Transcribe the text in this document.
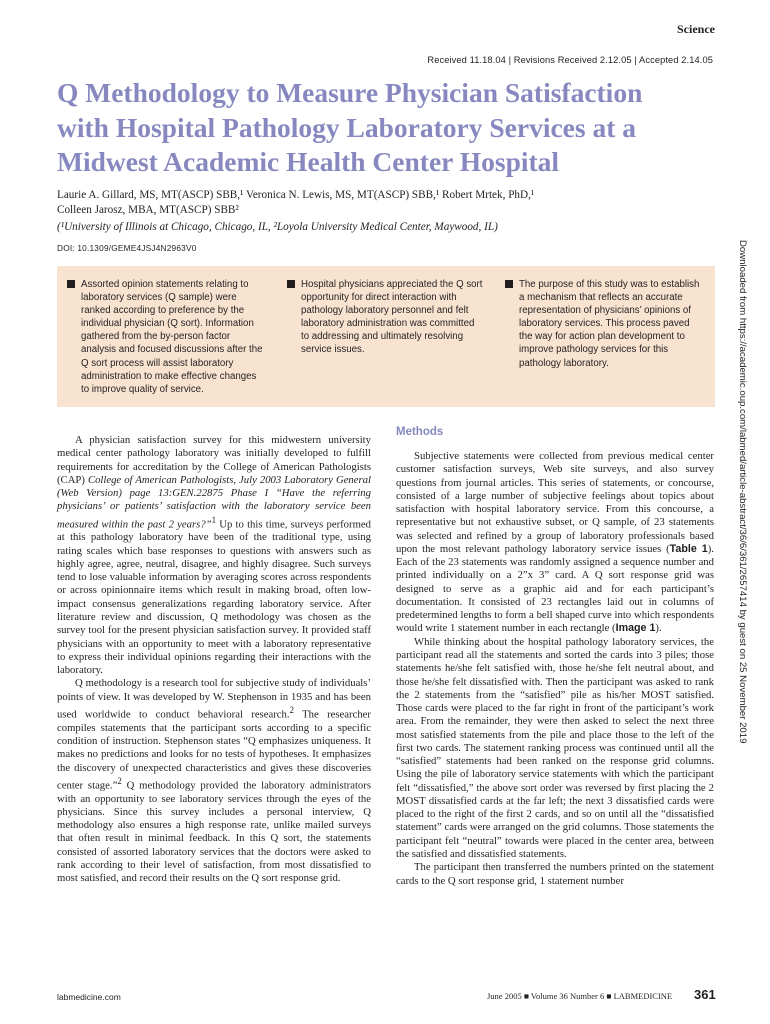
Science
Received 11.18.04 | Revisions Received 2.12.05 | Accepted 2.14.05
Q Methodology to Measure Physician Satisfaction
with Hospital Pathology Laboratory Services at a
Midwest Academic Health Center Hospital
Laurie A. Gillard, MS, MT(ASCP) SBB,¹ Veronica N. Lewis, MS, MT(ASCP) SBB,¹ Robert Mrtek, PhD,¹
Colleen Jarosz, MBA, MT(ASCP) SBB²
(¹University of Illinois at Chicago, Chicago, IL, ²Loyola University Medical Center, Maywood, IL)
DOI: 10.1309/GEME4JSJ4N2963V0
Assorted opinion statements relating to laboratory services (Q sample) were ranked according to preference by the individual physician (Q sort). Information gathered from the by-person factor analysis and focused discussions after the Q sort process will assist laboratory administration to make effective changes to improve quality of service.
Hospital physicians appreciated the Q sort opportunity for direct interaction with pathology laboratory personnel and felt laboratory administration was committed to addressing and ultimately resolving service issues.
The purpose of this study was to establish a mechanism that reflects an accurate representation of physicians’ opinions of laboratory services. This process paved the way for action plan development to improve pathology services for this pathology laboratory.

A physician satisfaction survey for this midwestern university medical center pathology laboratory was initially developed to fulfill requirements for accreditation by the College of American Pathologists (CAP) College of American Pathologists, July 2003 Laboratory General (Web Version) page 13:GEN.22875 Phase I “Have the referring physicians’ or patients’ satisfaction with the laboratory service been measured within the past 2 years?”$^1$ Up to this time, surveys performed at this pathology laboratory have been of the traditional type, using rating scales which base responses to questions with answers such as highly agree, agree, neutral, disagree, and highly disagree. Such surveys tend to lose valuable information by averaging scores across respondents or across opinionnaire items which result in making broad, often low-impact consensus generalizations regarding laboratory service. After literature review and discussion, Q methodology was chosen as the survey tool for the present physician satisfaction survey. It provided staff physicians with an opportunity to meet with a laboratory representative to express their individual opinions regarding their interactions with the laboratory.

Q methodology is a research tool for subjective study of individuals’ points of view. It was developed by W. Stephenson in 1935 and has been used worldwide to conduct behavioral research.$^2$ The researcher compiles statements that the participant sorts according to a specific condition of instruction. Stephenson states “Q emphasizes uniqueness. It makes no predictions and looks for no tests of hypotheses. It emphasizes the discovery of unexpected characteristics and gives these discoveries center stage.”$^2$ Q methodology provided the laboratory administrators with an opportunity to see laboratory services through the eyes of the physicians. Since this survey includes a personal interview, Q methodology also ensures a high response rate, unlike mailed surveys that often result in minimal feedback. In this Q sort, the statements consisted of assorted laboratory services that the doctors were asked to rank according to their level of satisfaction, from most dissatisfied to most satisfied, and record their results on the Q sort response grid.

Methods

Subjective statements were collected from previous medical center customer satisfaction surveys, Web site surveys, and also survey questions from journal articles. This series of statements, or concourse, consisted of a large number of subjective feelings about topics about satisfaction with hospital laboratory service. From this concourse, a representative but not exhaustive subset, or Q sample, of 23 statements was selected and refined by a group of laboratory professionals based upon the most relevant pathology laboratory service issues (Table 1). Each of the 23 statements was randomly assigned a sequence number and printed individually on a 2”x 3” card. A Q sort response grid was designed to serve as a graphic aid and for each participant’s documentation. It consisted of 23 rectangles laid out in columns of predetermined lengths to form a bell shaped curve into which respondents would write 1 statement number in each rectangle (Image 1).

While thinking about the hospital pathology laboratory services, the participant read all the statements and sorted the cards into 3 piles; those statements he/she felt satisfied with, those he/she felt neutral about, and those he/she felt dissatisfied with. Then the participant was asked to rank the 2 statements from the “satisfied” pile as his/her MOST satisfied. Those cards were placed to the far right in front of the participant’s work area. From the remainder, they were then asked to select the next three most satisfied statements from the pile and place those to the left of the first two cards. The statement ranking process was continued until all the “satisfied” statements had been ranked on the response grid columns. Using the pile of laboratory service statements with which the participant felt “dissatisfied,” the above sort order was reversed by first placing the 2 MOST dissatisfied cards at the far left; the next 3 dissatisfied cards were placed to the right of the first 2 cards, and so on until all the “dissatisfied statement” cards were arranged on the grid columns. Those statements the participant felt “neutral” towards were placed in the center area, between the satisfied and dissatisfied statements.

The participant then transferred the numbers printed on the statement cards to the Q sort response grid, 1 statement number

Downloaded from https://academic.oup.com/labmed/article-abstract/36/6/361/2657414 by guest on 25 November 2019
labmedicine.com	June 2005 ■ Volume 36 Number 6 ■ LABMEDICINE 361
